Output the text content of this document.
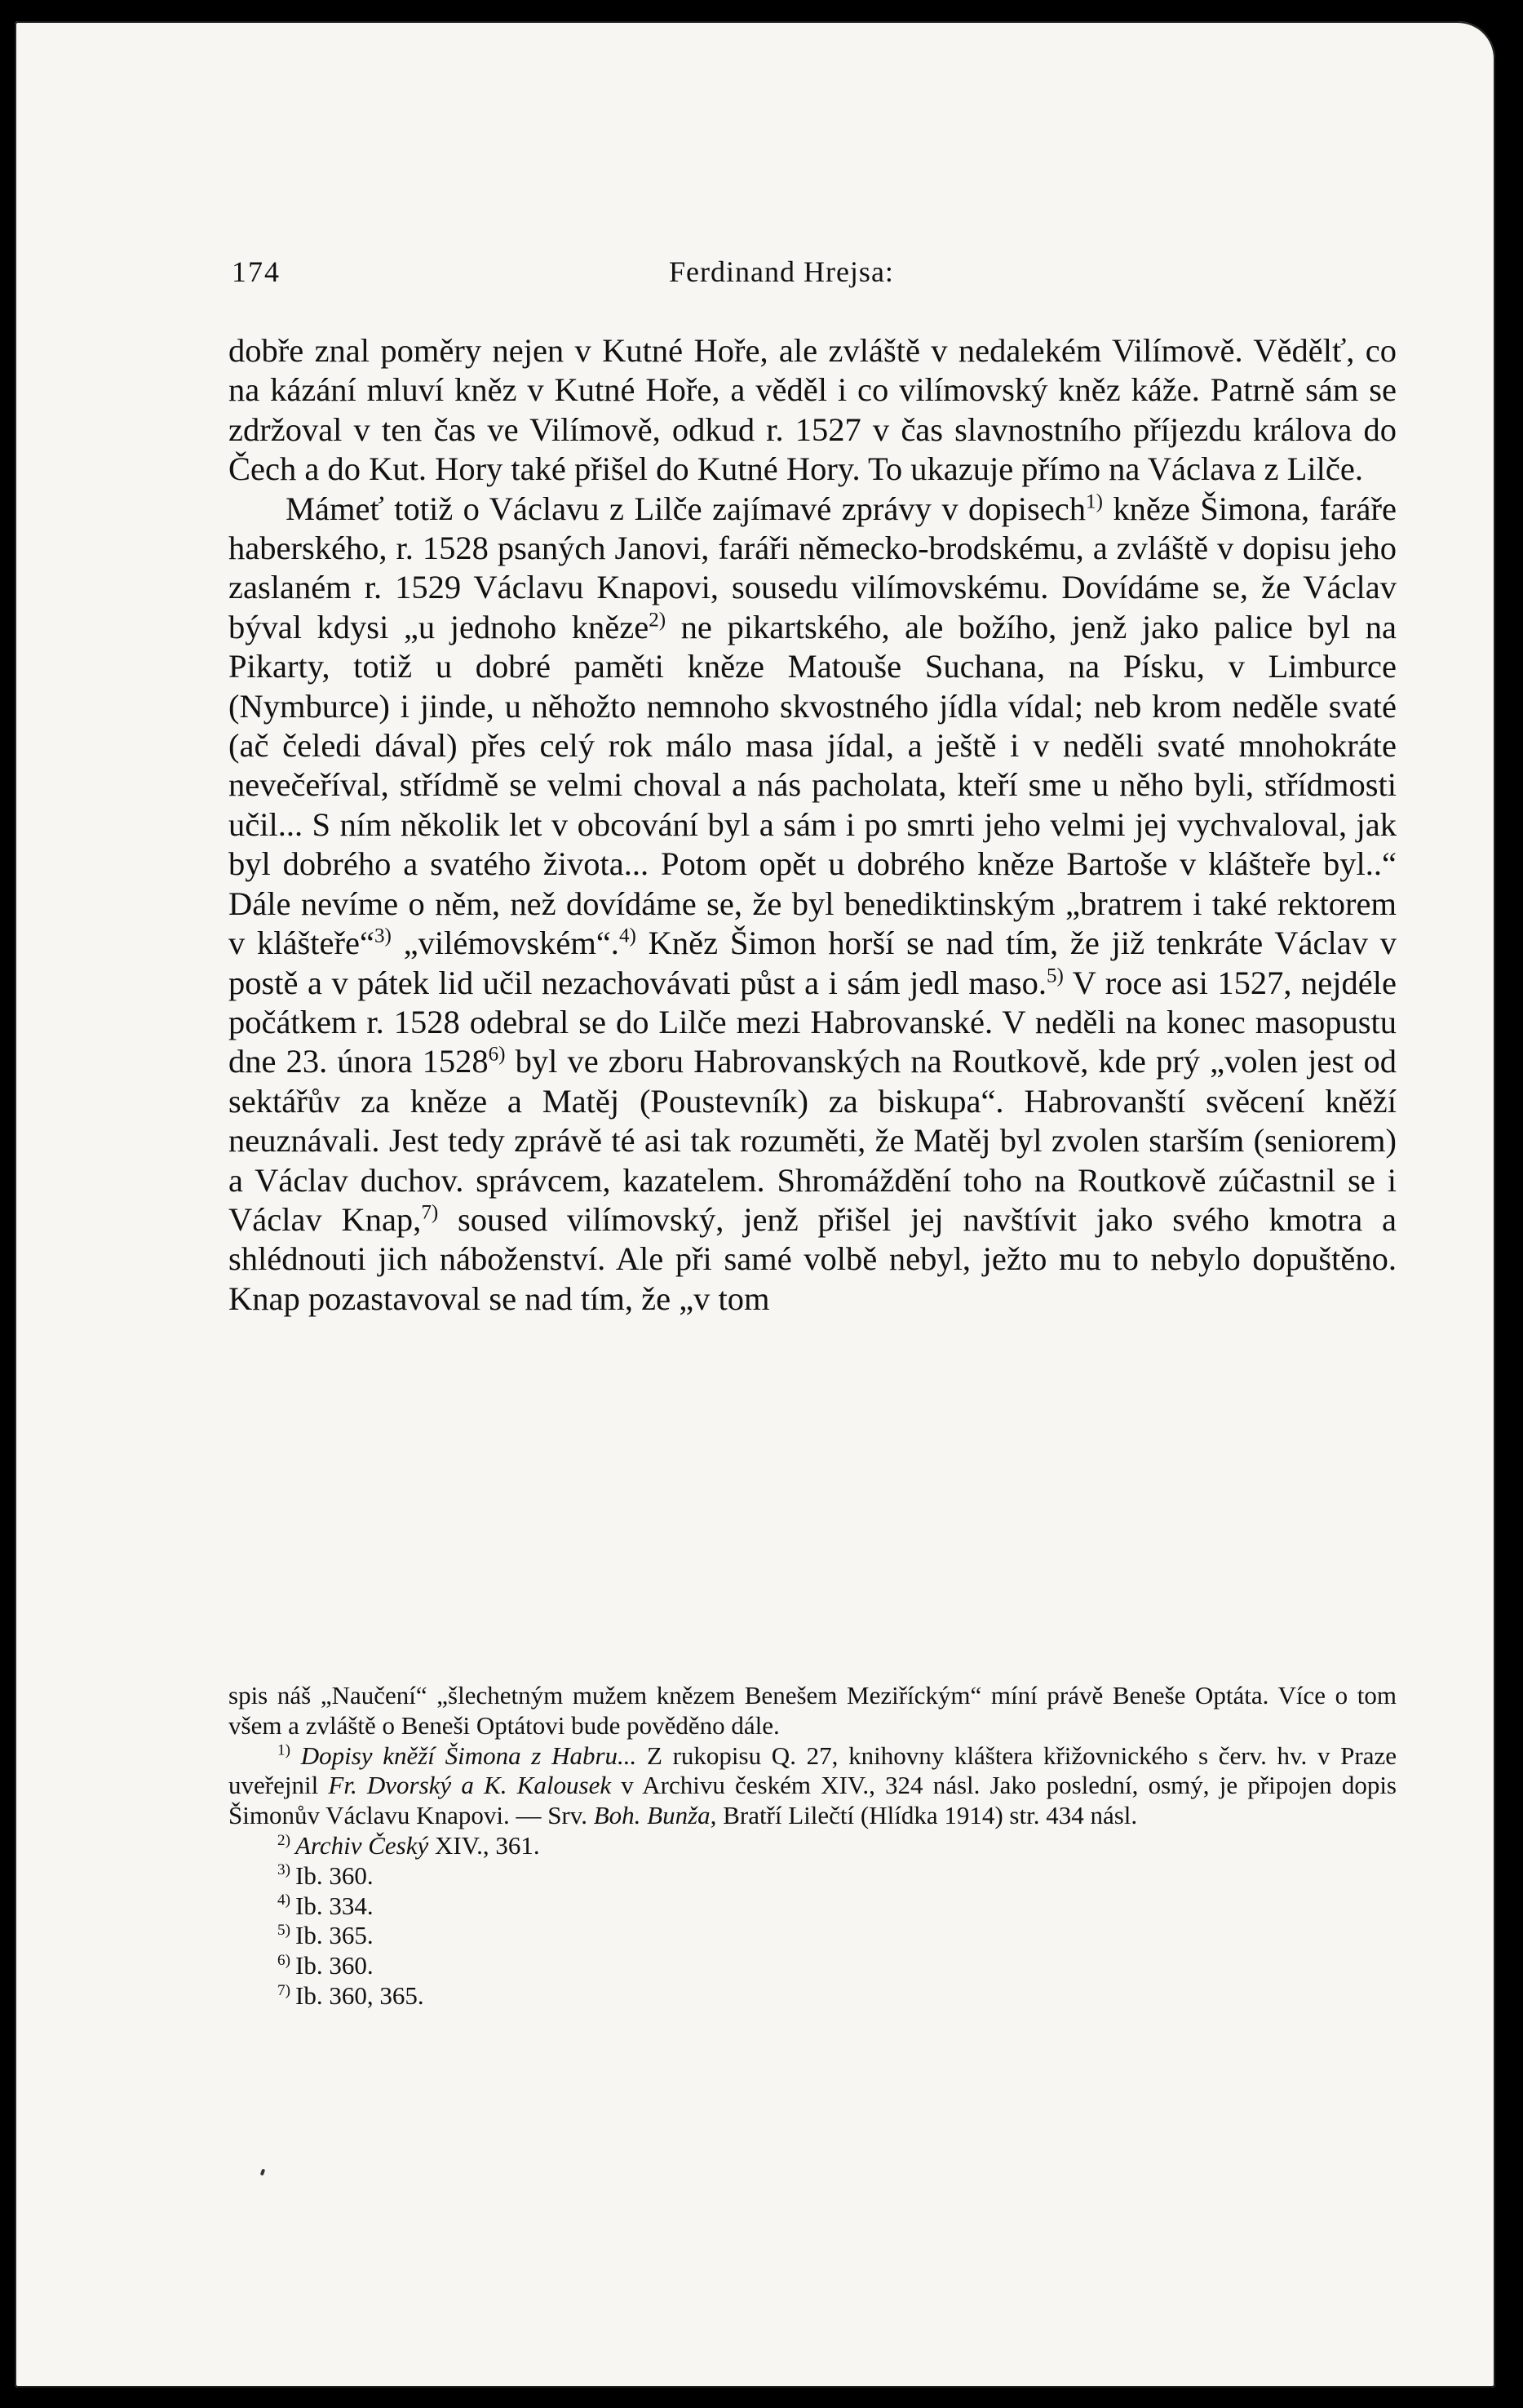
174	Ferdinand Hrejsa:

dobře znal poměry nejen v Kutné Hoře, ale zvláště v nedalekém Vilímově. Vědělť, co na kázání mluví kněz v Kutné Hoře, a věděl i co vilímovský kněz káže. Patrně sám se zdržoval v ten čas ve Vilímově, odkud r. 1527 v čas slavnostního příjezdu králova do Čech a do Kut. Hory také přišel do Kutné Hory. To ukazuje přímo na Václava z Lilče.

Mámeť totiž o Václavu z Lilče zajímavé zprávy v dopisech$^{1)}$ kněze Šimona, faráře haberského, r. 1528 psaných Janovi, faráři německo-brodskému, a zvláště v dopisu jeho zaslaném r. 1529 Václavu Knapovi, sousedu vilímovskému. Dovídáme se, že Václav býval kdysi „u jednoho kněze$^{2)}$ ne pikartského, ale božího, jenž jako palice byl na Pikarty, totiž u dobré paměti kněze Matouše Suchana, na Písku, v Limburce (Nymburce) i jinde, u něhožto nemnoho skvostného jídla vídal; neb krom neděle svaté (ač čeledi dával) přes celý rok málo masa jídal, a ještě i v neděli svaté mnohokráte nevečeříval, střídmě se velmi choval a nás pacholata, kteří sme u něho byli, střídmosti učil... S ním několik let v obcování byl a sám i po smrti jeho velmi jej vychvaloval, jak byl dobrého a svatého života... Potom opět u dobrého kněze Bartoše v klášteře byl..“ Dále nevíme o něm, než dovídáme se, že byl benediktinským „bratrem i také rektorem v klášteře“$^{3)}$ „vilémovském“.$^{4)}$ Kněz Šimon horší se nad tím, že již tenkráte Václav v postě a v pátek lid učil nezachovávati půst a i sám jedl maso.$^{5)}$ V roce asi 1527, nejdéle počátkem r. 1528 odebral se do Lilče mezi Habrovanské. V neděli na konec masopustu dne 23. února 1528$^{6)}$ byl ve zboru Habrovanských na Routkově, kde prý „volen jest od sektářův za kněze a Matěj (Poustevník) za biskupa“. Habrovanští svěcení kněží neuznávali. Jest tedy zprávě té asi tak rozuměti, že Matěj byl zvolen starším (seniorem) a Václav duchov. správcem, kazatelem. Shromáždění toho na Routkově zúčastnil se i Václav Knap,$^{7)}$ soused vilímovský, jenž přišel jej navštívit jako svého kmotra a shlédnouti jich náboženství. Ale při samé volbě nebyl, ježto mu to nebylo dopuštěno. Knap pozastavoval se nad tím, že „v tom

spis náš „Naučení“ „šlechetným mužem knězem Benešem Meziříckým“ míní právě Beneše Optáta. Více o tom všem a zvláště o Beneši Optátovi bude pověděno dále.

$^{1)}$ Dopisy kněží Šimona z Habru... Z rukopisu Q. 27, knihovny kláštera křižovnického s červ. hv. v Praze uveřejnil Fr. Dvorský a K. Kalousek v Archivu českém XIV., 324 násl. Jako poslední, osmý, je připojen dopis Šimonův Václavu Knapovi. — Srv. Boh. Bunža, Bratří Lilečtí (Hlídka 1914) str. 434 násl.

$^{2)}$ Archiv Český XIV., 361.

$^{3)}$ Ib. 360.

$^{4)}$ Ib. 334.

$^{5)}$ Ib. 365.

$^{6)}$ Ib. 360.

$^{7)}$ Ib. 360, 365.
